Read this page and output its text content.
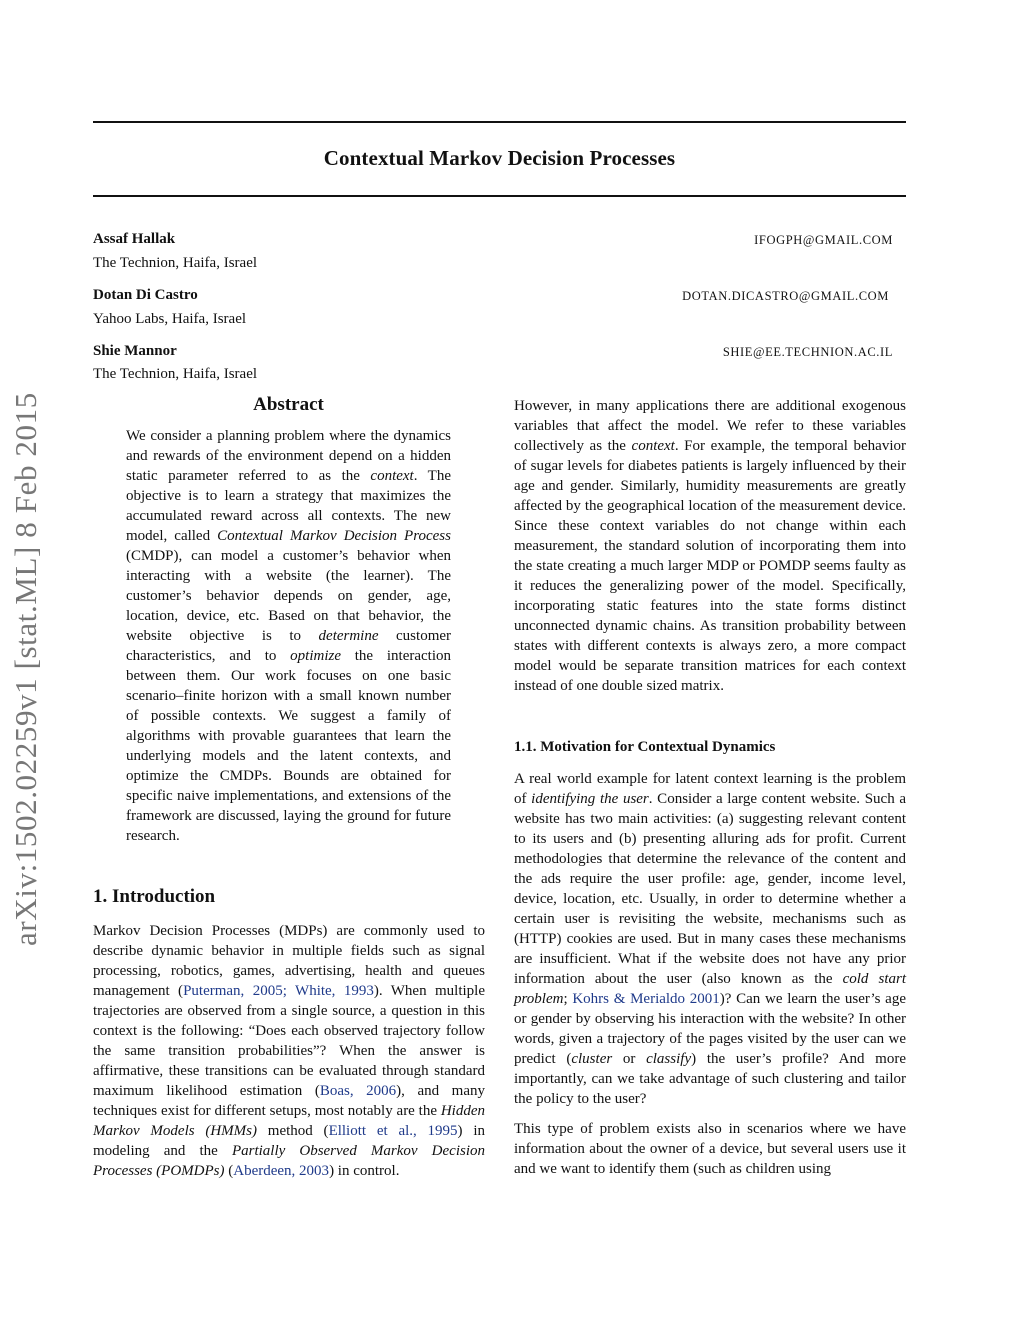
arXiv:1502.02259v1 [stat.ML] 8 Feb 2015
Contextual Markov Decision Processes
Assaf Hallak	IFOGPH@GMAIL.COM
The Technion, Haifa, Israel
Dotan Di Castro	DOTAN.DICASTRO@GMAIL.COM
Yahoo Labs, Haifa, Israel
Shie Mannor	SHIE@EE.TECHNION.AC.IL
The Technion, Haifa, Israel
Abstract
We consider a planning problem where the dynamics and rewards of the environment depend on a hidden static parameter referred to as the context. The objective is to learn a strategy that maximizes the accumulated reward across all contexts. The new model, called Contextual Markov Decision Process (CMDP), can model a customer’s behavior when interacting with a website (the learner). The customer’s behavior depends on gender, age, location, device, etc. Based on that behavior, the website objective is to determine customer characteristics, and to optimize the interaction between them. Our work focuses on one basic scenario–finite horizon with a small known number of possible contexts. We suggest a family of algorithms with provable guarantees that learn the underlying models and the latent contexts, and optimize the CMDPs. Bounds are obtained for specific naive implementations, and extensions of the framework are discussed, laying the ground for future research.
1. Introduction
Markov Decision Processes (MDPs) are commonly used to describe dynamic behavior in multiple fields such as signal processing, robotics, games, advertising, health and queues management (Puterman, 2005; White, 1993). When multiple trajectories are observed from a single source, a question in this context is the following: “Does each observed trajectory follow the same transition probabilities”? When the answer is affirmative, these transitions can be evaluated through standard maximum likelihood estimation (Boas, 2006), and many techniques exist for different setups, most notably are the Hidden Markov Models (HMMs) method (Elliott et al., 1995) in modeling and the Partially Observed Markov Decision Processes (POMDPs) (Aberdeen, 2003) in control.

However, in many applications there are additional exogenous variables that affect the model. We refer to these variables collectively as the context. For example, the temporal behavior of sugar levels for diabetes patients is largely influenced by their age and gender. Similarly, humidity measurements are greatly affected by the geographical location of the measurement device. Since these context variables do not change within each measurement, the standard solution of incorporating them into the state creating a much larger MDP or POMDP seems faulty as it reduces the generalizing power of the model. Specifically, incorporating static features into the state forms distinct unconnected dynamic chains. As transition probability between states with different contexts is always zero, a more compact model would be separate transition matrices for each context instead of one double sized matrix.

1.1. Motivation for Contextual Dynamics

A real world example for latent context learning is the problem of identifying the user. Consider a large content website. Such a website has two main activities: (a) suggesting relevant content to its users and (b) presenting alluring ads for profit. Current methodologies that determine the relevance of the content and the ads require the user profile: age, gender, income level, device, location, etc. Usually, in order to determine whether a certain user is revisiting the website, mechanisms such as (HTTP) cookies are used. But in many cases these mechanisms are insufficient. What if the website does not have any prior information about the user (also known as the cold start problem; Kohrs & Merialdo 2001)? Can we learn the user’s age or gender by observing his interaction with the website? In other words, given a trajectory of the pages visited by the user can we predict (cluster or classify) the user’s profile? And more importantly, can we take advantage of such clustering and tailor the policy to the user?

This type of problem exists also in scenarios where we have information about the owner of a device, but several users use it and we want to identify them (such as children using
